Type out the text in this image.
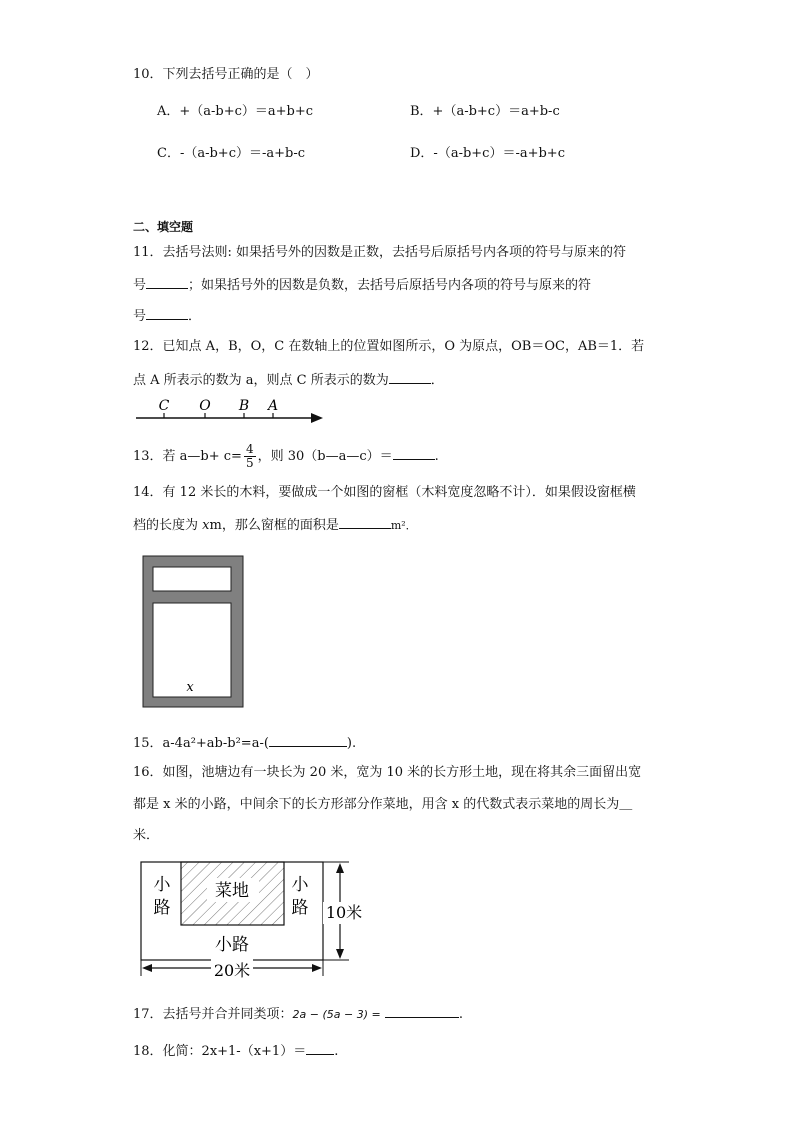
10．下列去括号正确的是（　）
A．+（a-b+c）＝a+b+c	B．+（a-b+c）＝a+b-c
C．-（a-b+c）＝-a+b-c	D．-（a-b+c）＝-a+b+c
二、填空题
11．去括号法则: 如果括号外的因数是正数，去括号后原括号内各项的符号与原来的符
号	；如果括号外的因数是负数，去括号后原括号内各项的符号与原来的符
号	．
12．已知点 A，B，O，C 在数轴上的位置如图所示，O 为原点，OB＝OC，AB＝1．若
点 A 所表示的数为 a，则点 C 所表示的数为	．
C O B A
13．若 a—b+ $c= \frac{4}{5}$ ，则 30（b—a—c）＝	.
14．有 12 米长的木料，要做成一个如图的窗框（木料宽度忽略不计）．如果假设窗框横
档的长度为 xm，那么窗框的面积是	m²．
x
15．a-4a²+ab-b²=a-(	).
16．如图，池塘边有一块长为 20 米，宽为 10 米的长方形土地，现在将其余三面留出宽
都是 x 米的小路，中间余下的长方形部分作菜地，用含 x 的代数式表示菜地的周长为＿
米．
菜地
小
路
小
路
小路
10米
20米
17．去括号并合并同类项：2a − (5a − 3) =	.
18．化简：2x+1-（x+1）＝ .
